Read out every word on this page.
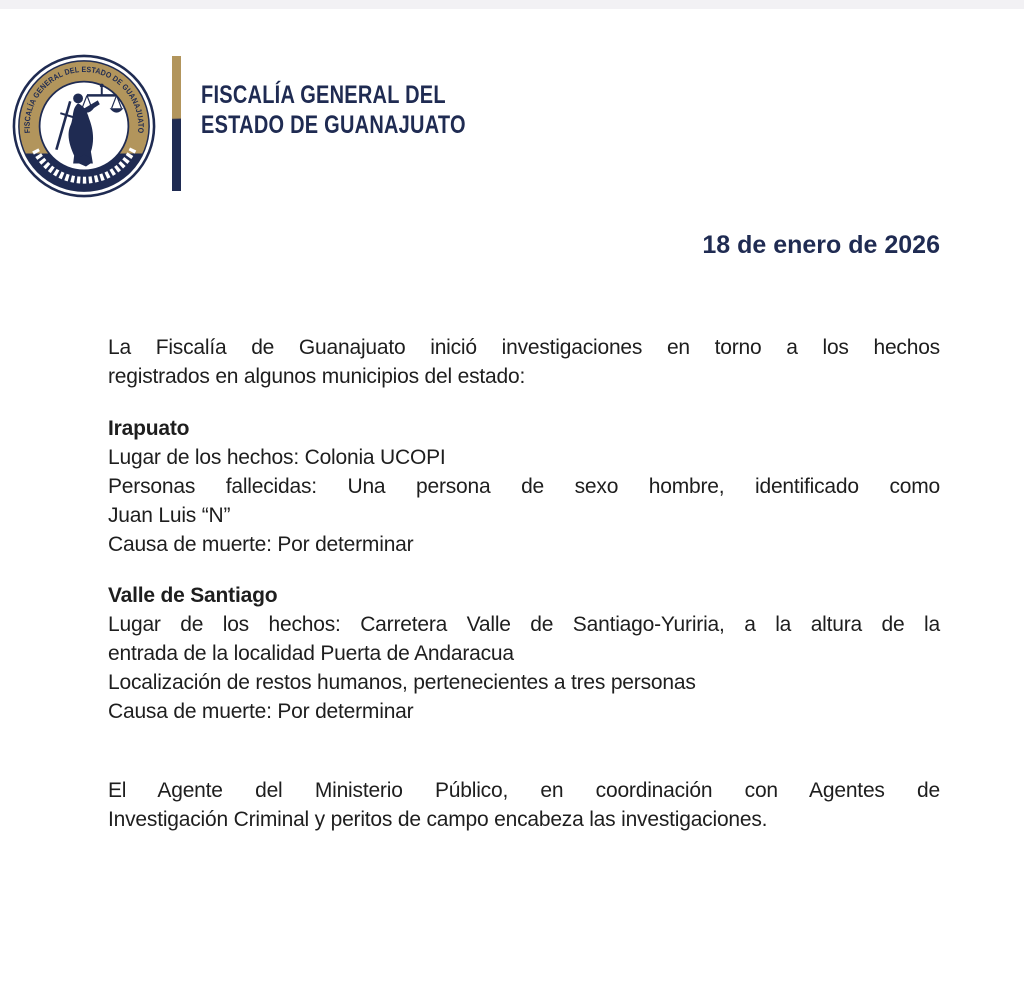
FISCALÍA GENERAL DEL ESTADO DE GUANAJUATO
FISCALÍA GENERAL DEL
ESTADO DE GUANAJUATO
18 de enero de 2026
La Fiscalía de Guanajuato inició investigaciones en torno a los hechos
registrados en algunos municipios del estado:
Irapuato
Lugar de los hechos: Colonia UCOPI
Personas fallecidas: Una persona de sexo hombre, identificado como
Juan Luis “N”
Causa de muerte: Por determinar
Valle de Santiago
Lugar de los hechos: Carretera Valle de Santiago-Yuriria, a la altura de la
entrada de la localidad Puerta de Andaracua
Localización de restos humanos, pertenecientes a tres personas
Causa de muerte: Por determinar
El Agente del Ministerio Público, en coordinación con Agentes de
Investigación Criminal y peritos de campo encabeza las investigaciones.
